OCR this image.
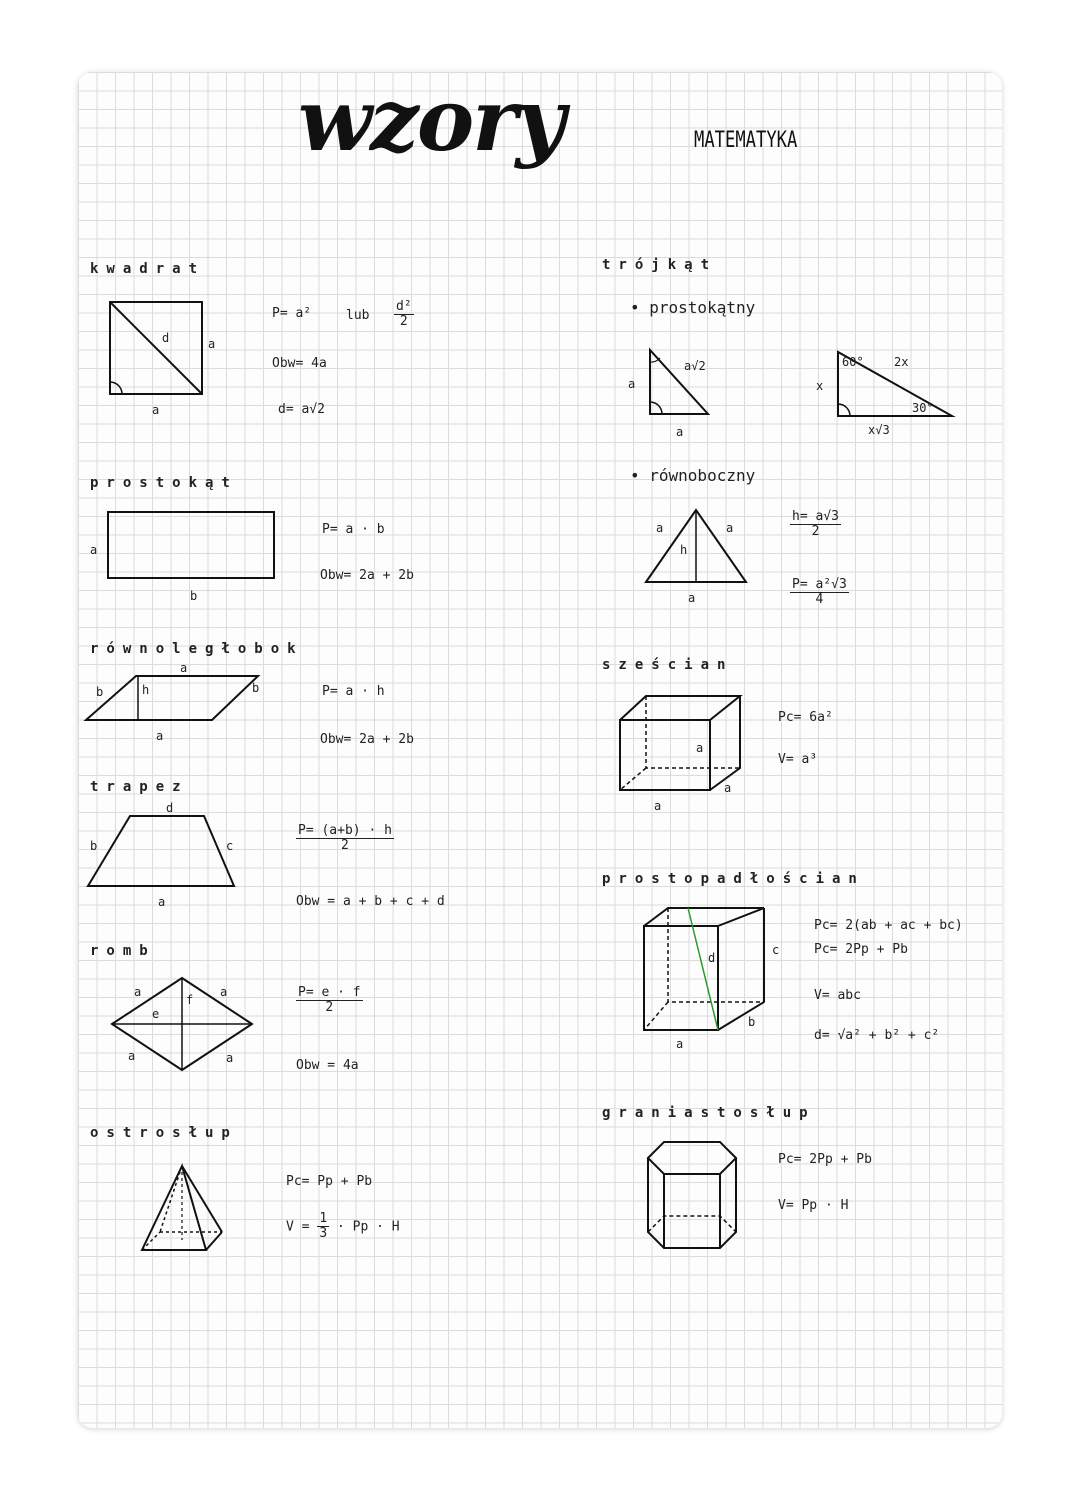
wzory	MATEMATYKA
kwadrat
d	a
a
P= a²	lub $\frac{\text{d²}}{2}$
Obw= 4a
d= a√2
prostokąt
a
b
P= a · b
Obw= 2a + 2b
równoległobok
a
b	h	b
a
P= a · h
Obw= 2a + 2b
trapez
d
b	c
a
$\frac{P= (a+b) \cdot h}{2}$
Obw = a + b + c + d
romb
a	a
a	a
e
f	$\frac{P= e \cdot f}{2}$
Obw = 4a
ostrosłup
Pc= Pp + Pb
$V = \frac{1}{3} \cdot Pp \cdot H$
trójkąt
• prostokątny
a
a√2
a
x
60°	2x
30°
x√3
• równoboczny
a	a
h
a
$\frac{h= a√3}{2}$
$\frac{\text{P= a²√3}}{4}$
sześcian
a
a
a
Pc= 6a²
V= a³
prostopadłościan
d
c
b
a
Pc= 2(ab + ac + bc)
Pc= 2Pp + Pb
V= abc
d= √a² + b² + c²
graniastosłup
Pc= 2Pp + Pb
V= Pp · H
